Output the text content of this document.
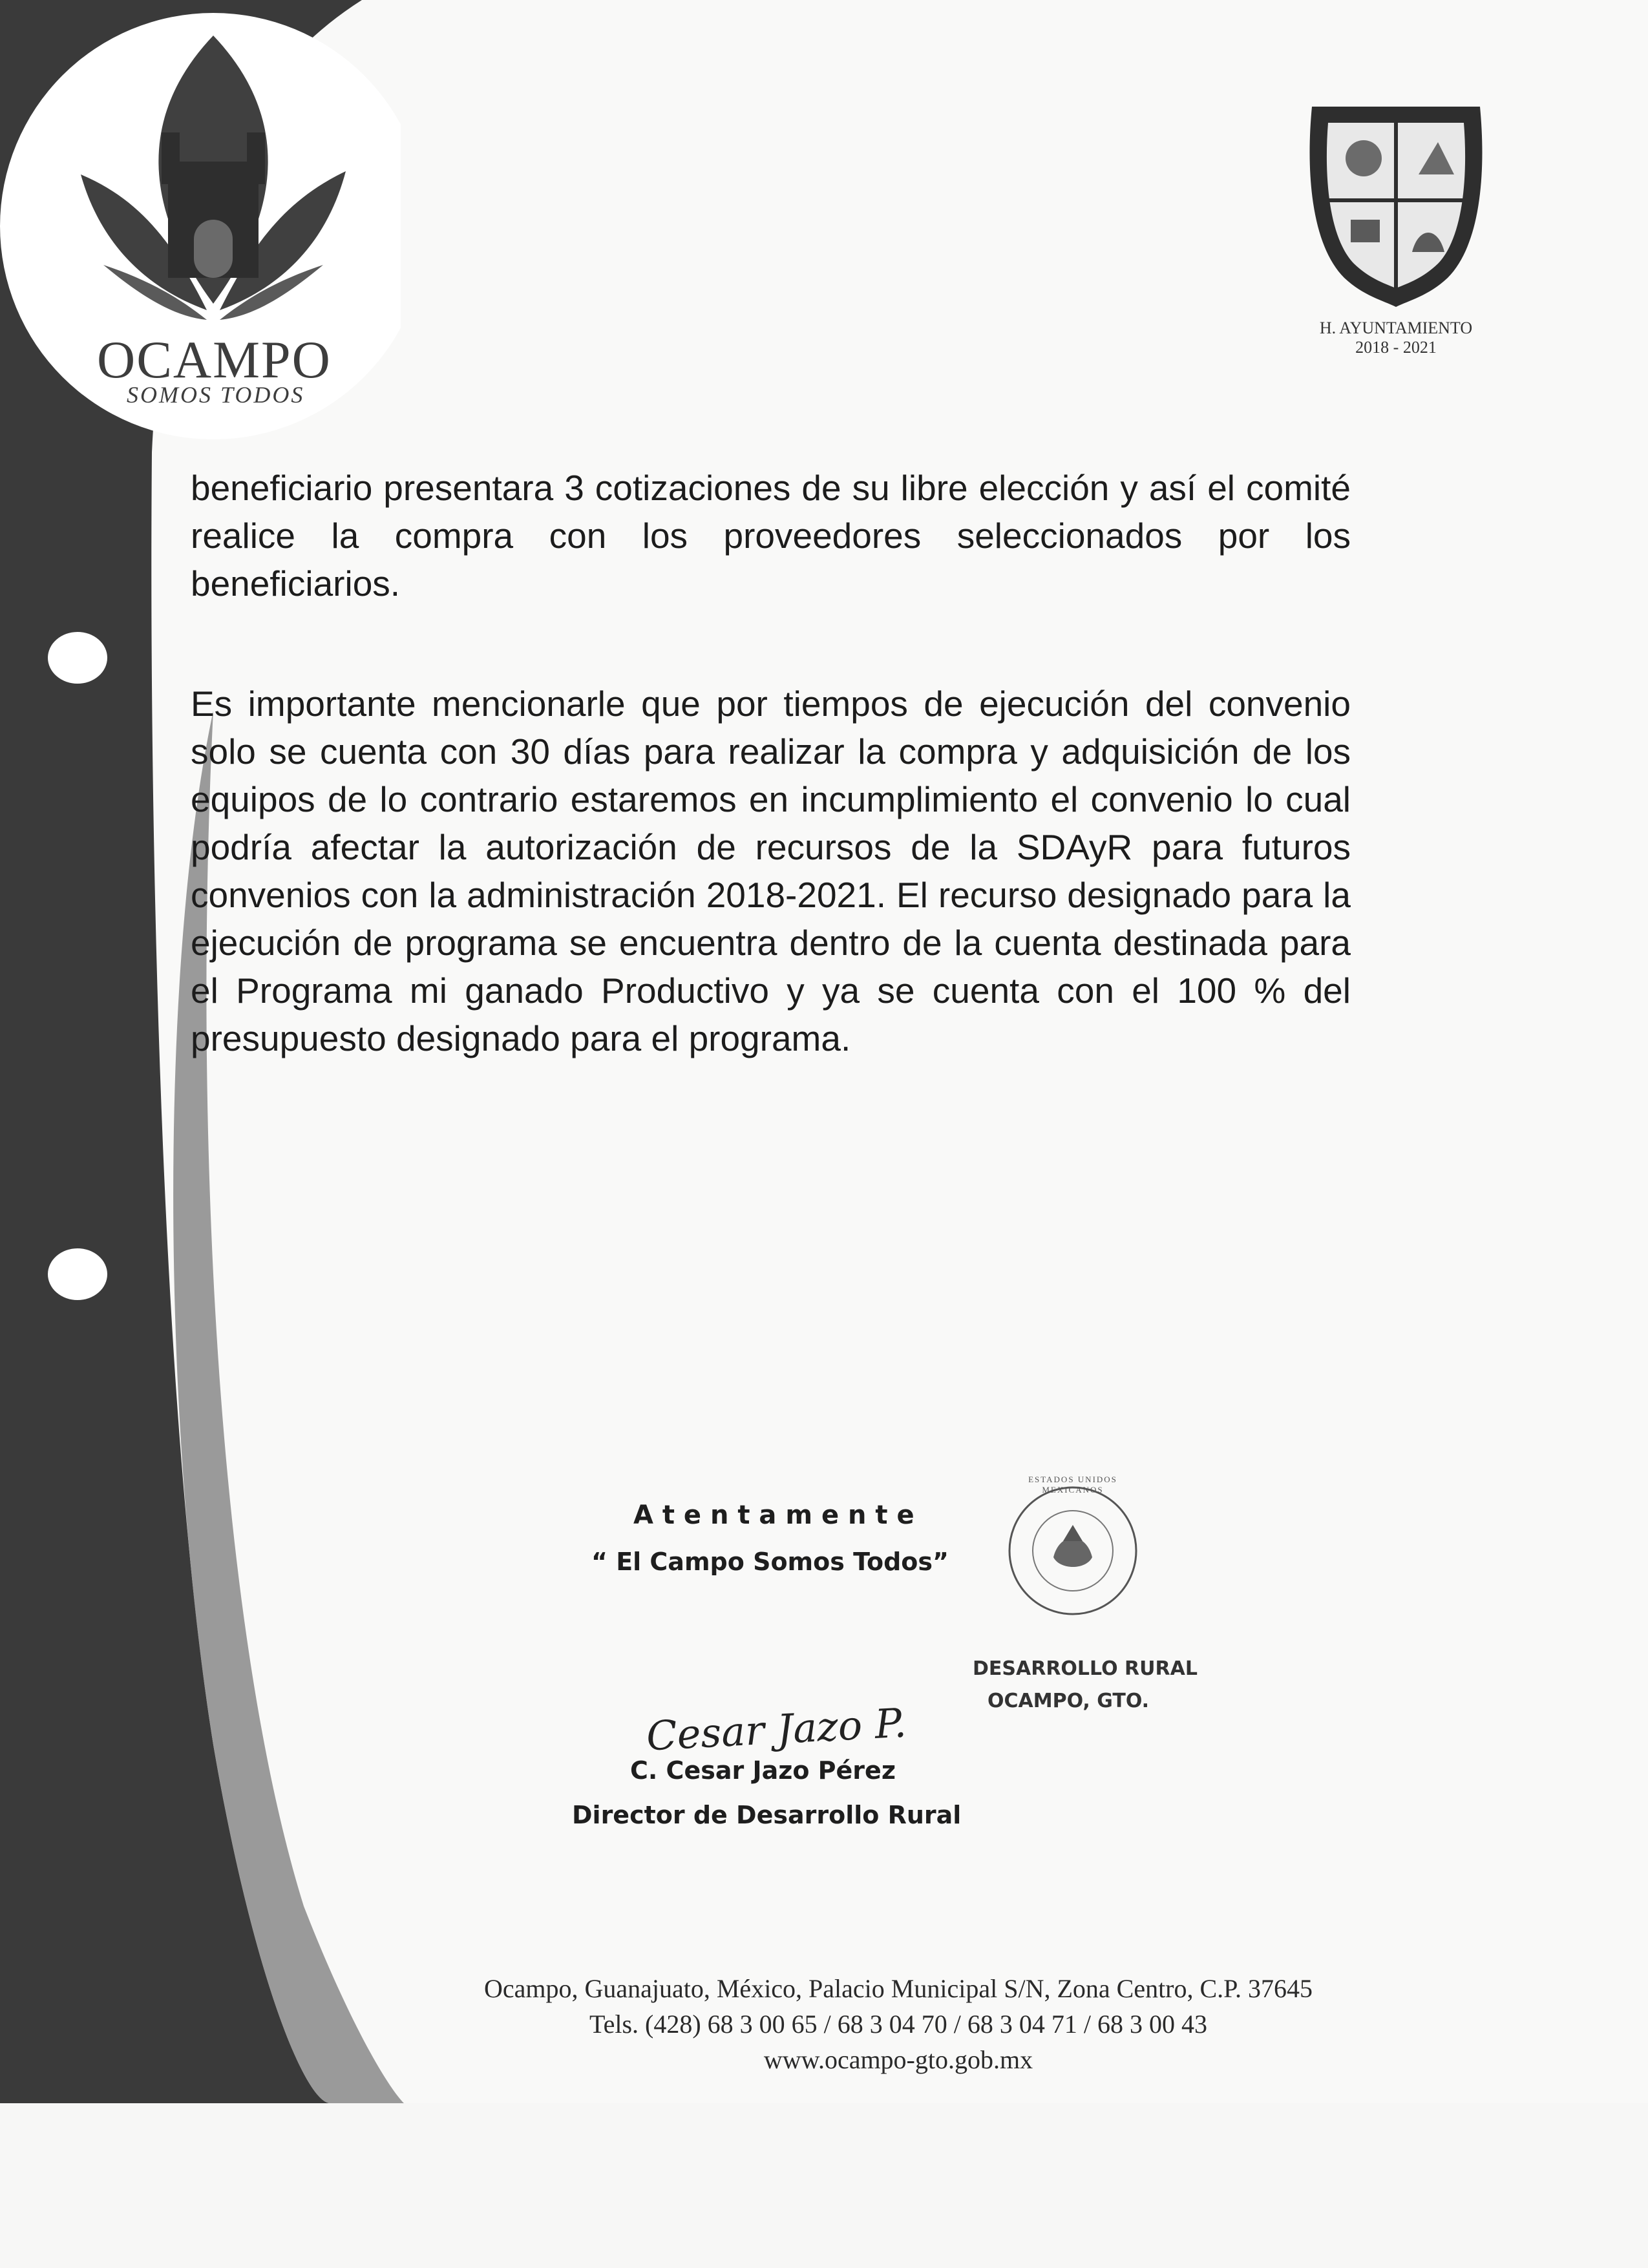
OCAMPO
SOMOS TODOS
H. AYUNTAMIENTO
2018 - 2021

beneficiario presentara 3 cotizaciones de su libre elección y así el comité realice la compra con los proveedores seleccionados por los beneficiarios.

Es importante mencionarle que por tiempos de ejecución del convenio solo se cuenta con 30 días para realizar la compra y adquisición de los equipos de lo contrario estaremos en incumplimiento el convenio lo cual podría afectar la autorización de recursos de la SDAyR para futuros convenios con la administración 2018-2021. El recurso designado para la ejecución de programa se encuentra dentro de la cuenta destinada para el Programa mi ganado Productivo y ya se cuenta con el 100 % del presupuesto designado para el programa.

A t e n t a m e n t e
“ El Campo Somos Todos”
ESTADOS UNIDOS MEXICANOS
DESARROLLO RURAL
OCAMPO, GTO.
Cesar Jazo P.
C. Cesar Jazo Pérez
Director de Desarrollo Rural
Ocampo, Guanajuato, México, Palacio Municipal S/N, Zona Centro, C.P. 37645
Tels. (428) 68 3 00 65 / 68 3 04 70 / 68 3 04 71 / 68 3 00 43
www.ocampo-gto.gob.mx
